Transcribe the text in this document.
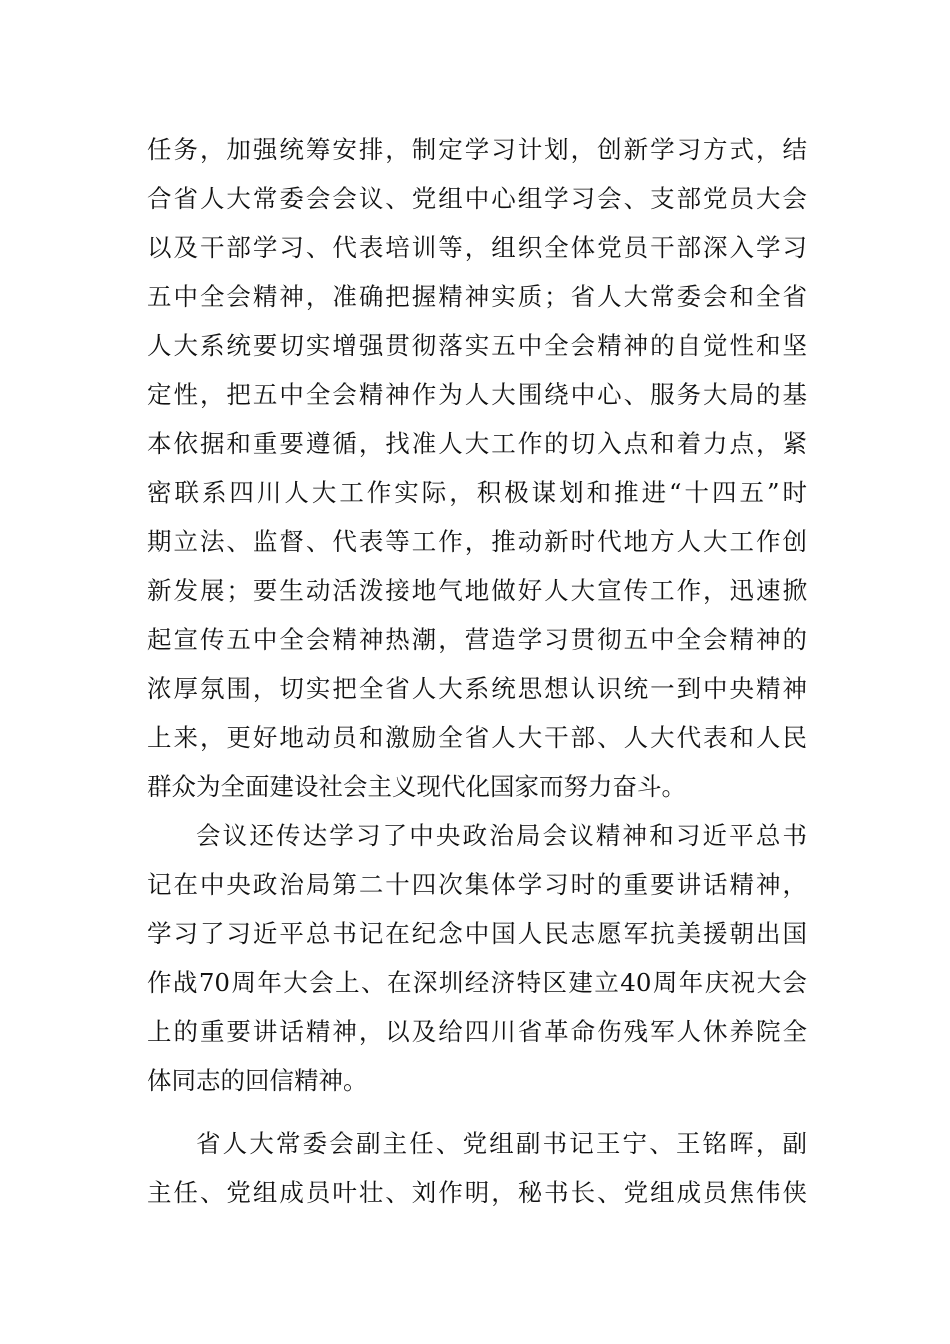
任务，加强统筹安排，制定学习计划，创新学习方式，结
合省人大常委会会议、党组中心组学习会、支部党员大会
以及干部学习、代表培训等，组织全体党员干部深入学习
五中全会精神，准确把握精神实质；省人大常委会和全省
人大系统要切实增强贯彻落实五中全会精神的自觉性和坚
定性，把五中全会精神作为人大围绕中心、服务大局的基
本依据和重要遵循，找准人大工作的切入点和着力点，紧
密联系四川人大工作实际，积极谋划和推进“十四五”时
期立法、监督、代表等工作，推动新时代地方人大工作创
新发展；要生动活泼接地气地做好人大宣传工作，迅速掀
起宣传五中全会精神热潮，营造学习贯彻五中全会精神的
浓厚氛围，切实把全省人大系统思想认识统一到中央精神
上来，更好地动员和激励全省人大干部、人大代表和人民
群众为全面建设社会主义现代化国家而努力奋斗。
会议还传达学习了中央政治局会议精神和习近平总书
记在中央政治局第二十四次集体学习时的重要讲话精神，
学习了习近平总书记在纪念中国人民志愿军抗美援朝出国
作战70周年大会上、在深圳经济特区建立40周年庆祝大会
上的重要讲话精神，以及给四川省革命伤残军人休养院全
体同志的回信精神。
省人大常委会副主任、党组副书记王宁、王铭晖，副
主任、党组成员叶壮、刘作明，秘书长、党组成员焦伟侠
